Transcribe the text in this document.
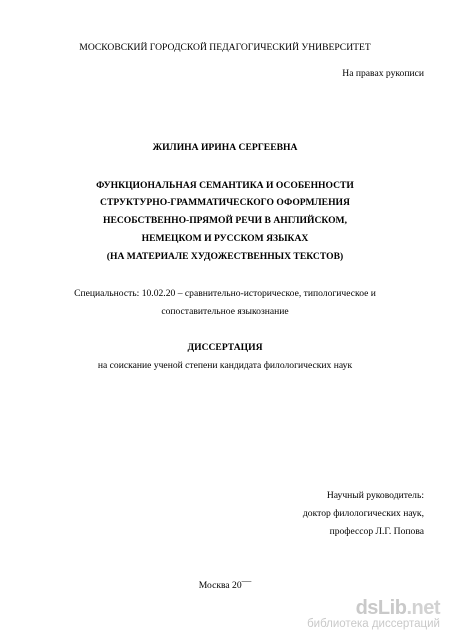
МОСКОВСКИЙ ГОРОДСКОЙ ПЕДАГОГИЧЕСКИЙ УНИВЕРСИТЕТ
На правах рукописи
ЖИЛИНА ИРИНА СЕРГЕЕВНА
ФУНКЦИОНАЛЬНАЯ СЕМАНТИКА И ОСОБЕННОСТИ
СТРУКТУРНО-ГРАММАТИЧЕСКОГО ОФОРМЛЕНИЯ
НЕСОБСТВЕННО-ПРЯМОЙ РЕЧИ В АНГЛИЙСКОМ,
НЕМЕЦКОМ И РУССКОМ ЯЗЫКАХ
(НА МАТЕРИАЛЕ ХУДОЖЕСТВЕННЫХ ТЕКСТОВ)
Специальность: 10.02.20 – сравнительно-историческое, типологическое и
сопоставительное языкознание
ДИССЕРТАЦИЯ
на соискание ученой степени кандидата филологических наук
Научный руководитель:
доктор филологических наук,
профессор Л.Г. Попова
Москва 20¯¯
dsLib.net
библиотека диссертаций
